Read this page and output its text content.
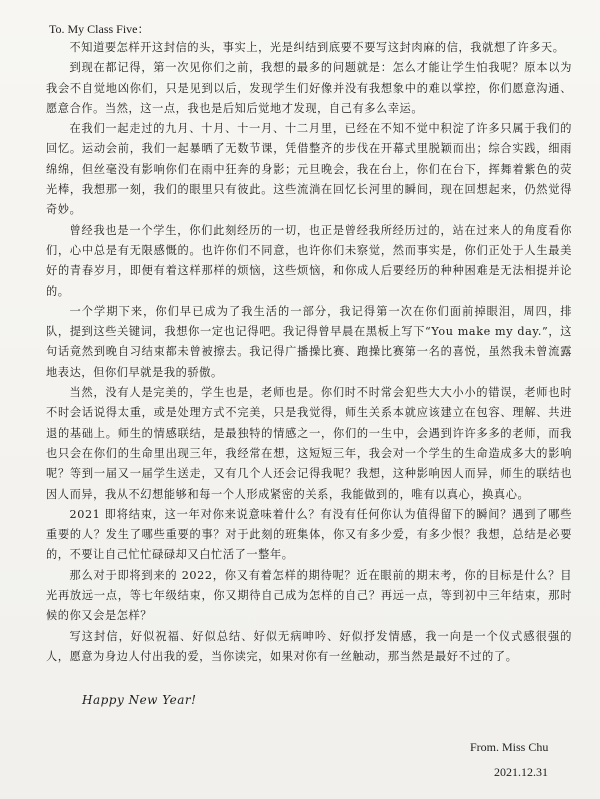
To. My Class Five：

不知道要怎样开这封信的头，事实上，光是纠结到底要不要写这封肉麻的信，我就想了许多天。

到现在都记得，第一次见你们之前，我想的最多的问题就是：怎么才能让学生怕我呢？原本以为我会不自觉地凶你们，只是见到以后，发现学生们好像并没有我想象中的难以掌控，你们愿意沟通、愿意合作。当然，这一点，我也是后知后觉地才发现，自己有多么幸运。

在我们一起走过的九月、十月、十一月、十二月里，已经在不知不觉中积淀了许多只属于我们的回忆。运动会前，我们一起暴晒了无数节课，凭借整齐的步伐在开幕式里脱颖而出；综合实践，细雨绵绵，但丝毫没有影响你们在雨中狂奔的身影；元旦晚会，我在台上，你们在台下，挥舞着紫色的荧光棒，我想那一刻，我们的眼里只有彼此。这些流淌在回忆长河里的瞬间，现在回想起来，仍然觉得奇妙。

曾经我也是一个学生，你们此刻经历的一切，也正是曾经我所经历过的，站在过来人的角度看你们，心中总是有无限感慨的。也许你们不同意，也许你们未察觉，然而事实是，你们正处于人生最美好的青春岁月，即便有着这样那样的烦恼，这些烦恼，和你成人后要经历的种种困难是无法相提并论的。

一个学期下来，你们早已成为了我生活的一部分，我记得第一次在你们面前掉眼泪，周四，排队，提到这些关键词，我想你一定也记得吧。我记得曾早晨在黑板上写下“You make my day.”，这句话竟然到晚自习结束都未曾被擦去。我记得广播操比赛、跑操比赛第一名的喜悦，虽然我未曾流露地表达，但你们早就是我的骄傲。

当然，没有人是完美的，学生也是，老师也是。你们时不时常会犯些大大小小的错误，老师也时不时会话说得太重，或是处理方式不完美，只是我觉得，师生关系本就应该建立在包容、理解、共进退的基础上。师生的情感联结，是最独特的情感之一，你们的一生中，会遇到许许多多的老师，而我也只会在你们的生命里出现三年，我经常在想，这短短三年，我会对一个学生的生命造成多大的影响呢？等到一届又一届学生送走，又有几个人还会记得我呢？我想，这种影响因人而异，师生的联结也因人而异，我从不幻想能够和每一个人形成紧密的关系，我能做到的，唯有以真心，换真心。

2021 即将结束，这一年对你来说意味着什么？有没有任何你认为值得留下的瞬间？遇到了哪些重要的人？发生了哪些重要的事？对于此刻的班集体，你又有多少爱，有多少恨？我想，总结是必要的，不要让自己忙忙碌碌却又白忙活了一整年。

那么对于即将到来的 2022，你又有着怎样的期待呢？近在眼前的期末考，你的目标是什么？目光再放远一点，等七年级结束，你又期待自己成为怎样的自己？再远一点，等到初中三年结束，那时候的你又会是怎样？

写这封信，好似祝福、好似总结、好似无病呻吟、好似抒发情感，我一向是一个仪式感很强的人，愿意为身边人付出我的爱，当你读完，如果对你有一丝触动，那当然是最好不过的了。

Happy New Year!
From. Miss Chu
2021.12.31
